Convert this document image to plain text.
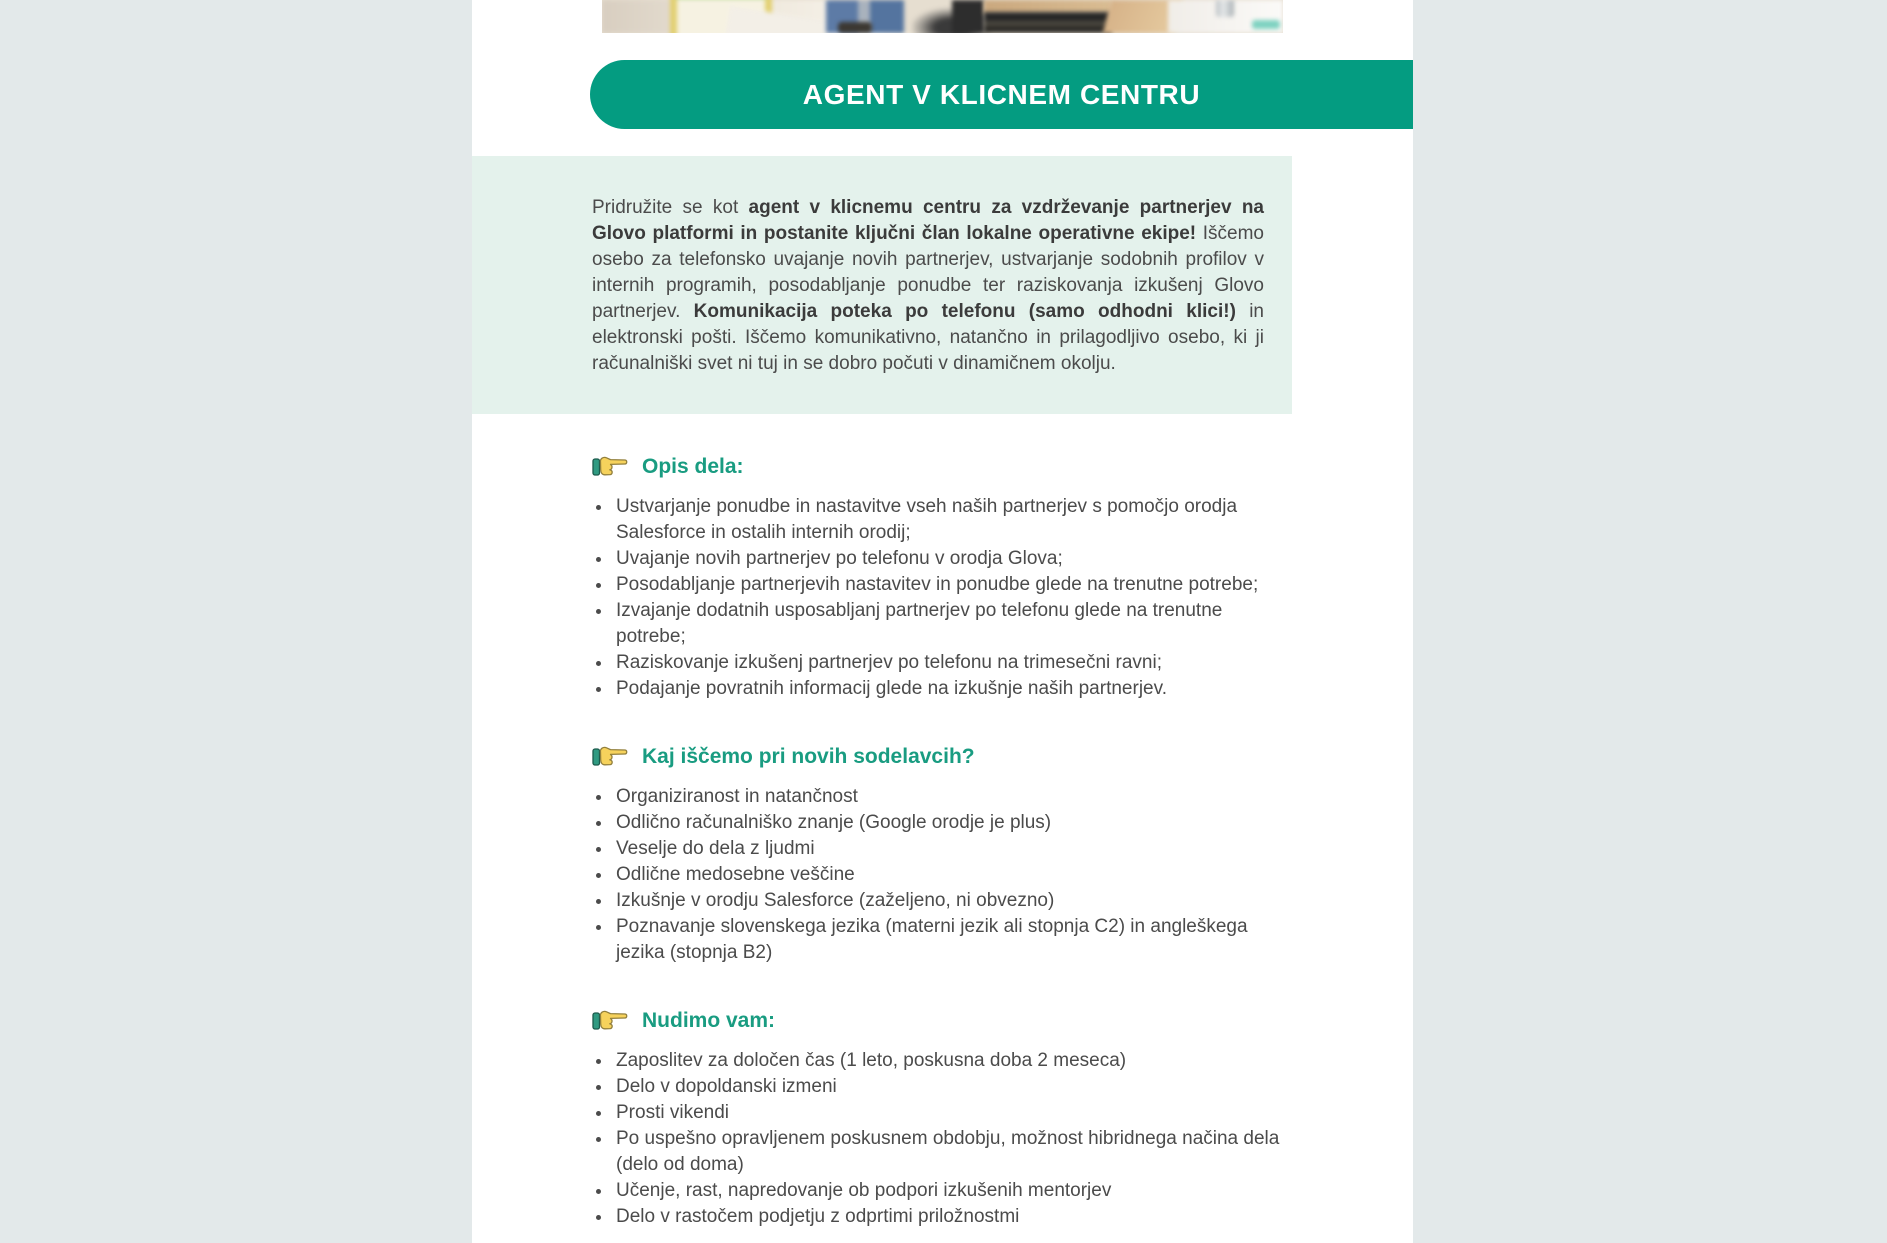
AGENT V KLICNEM CENTRU

Pridružite se kot agent v klicnemu centru za vzdrževanje partnerjev na Glovo platformi in postanite ključni član lokalne operativne ekipe! Iščemo osebo za telefonsko uvajanje novih partnerjev, ustvarjanje sodobnih profilov v internih programih, posodabljanje ponudbe ter raziskovanja izkušenj Glovo partnerjev. Komunikacija poteka po telefonu (samo odhodni klici!) in elektronski pošti. Iščemo komunikativno, natančno in prilagodljivo osebo, ki ji računalniški svet ni tuj in se dobro počuti v dinamičnem okolju.

Opis dela:
• Ustvarjanje ponudbe in nastavitve vseh naših partnerjev s pomočjo orodja Salesforce in ostalih internih orodij;
• Uvajanje novih partnerjev po telefonu v orodja Glova;
• Posodabljanje partnerjevih nastavitev in ponudbe glede na trenutne potrebe;
• Izvajanje dodatnih usposabljanj partnerjev po telefonu glede na trenutne potrebe;
• Raziskovanje izkušenj partnerjev po telefonu na trimesečni ravni;
• Podajanje povratnih informacij glede na izkušnje naših partnerjev.
Kaj iščemo pri novih sodelavcih?
• Organiziranost in natančnost
• Odlično računalniško znanje (Google orodje je plus)
• Veselje do dela z ljudmi
• Odlične medosebne veščine
• Izkušnje v orodju Salesforce (zaželjeno, ni obvezno)
• Poznavanje slovenskega jezika (materni jezik ali stopnja C2) in angleškega jezika (stopnja B2)
Nudimo vam:
• Zaposlitev za določen čas (1 leto, poskusna doba 2 meseca)
• Delo v dopoldanski izmeni
• Prosti vikendi
• Po uspešno opravljenem poskusnem obdobju, možnost hibridnega načina dela (delo od doma)
• Učenje, rast, napredovanje ob podpori izkušenih mentorjev
• Delo v rastočem podjetju z odprtimi priložnostmi
